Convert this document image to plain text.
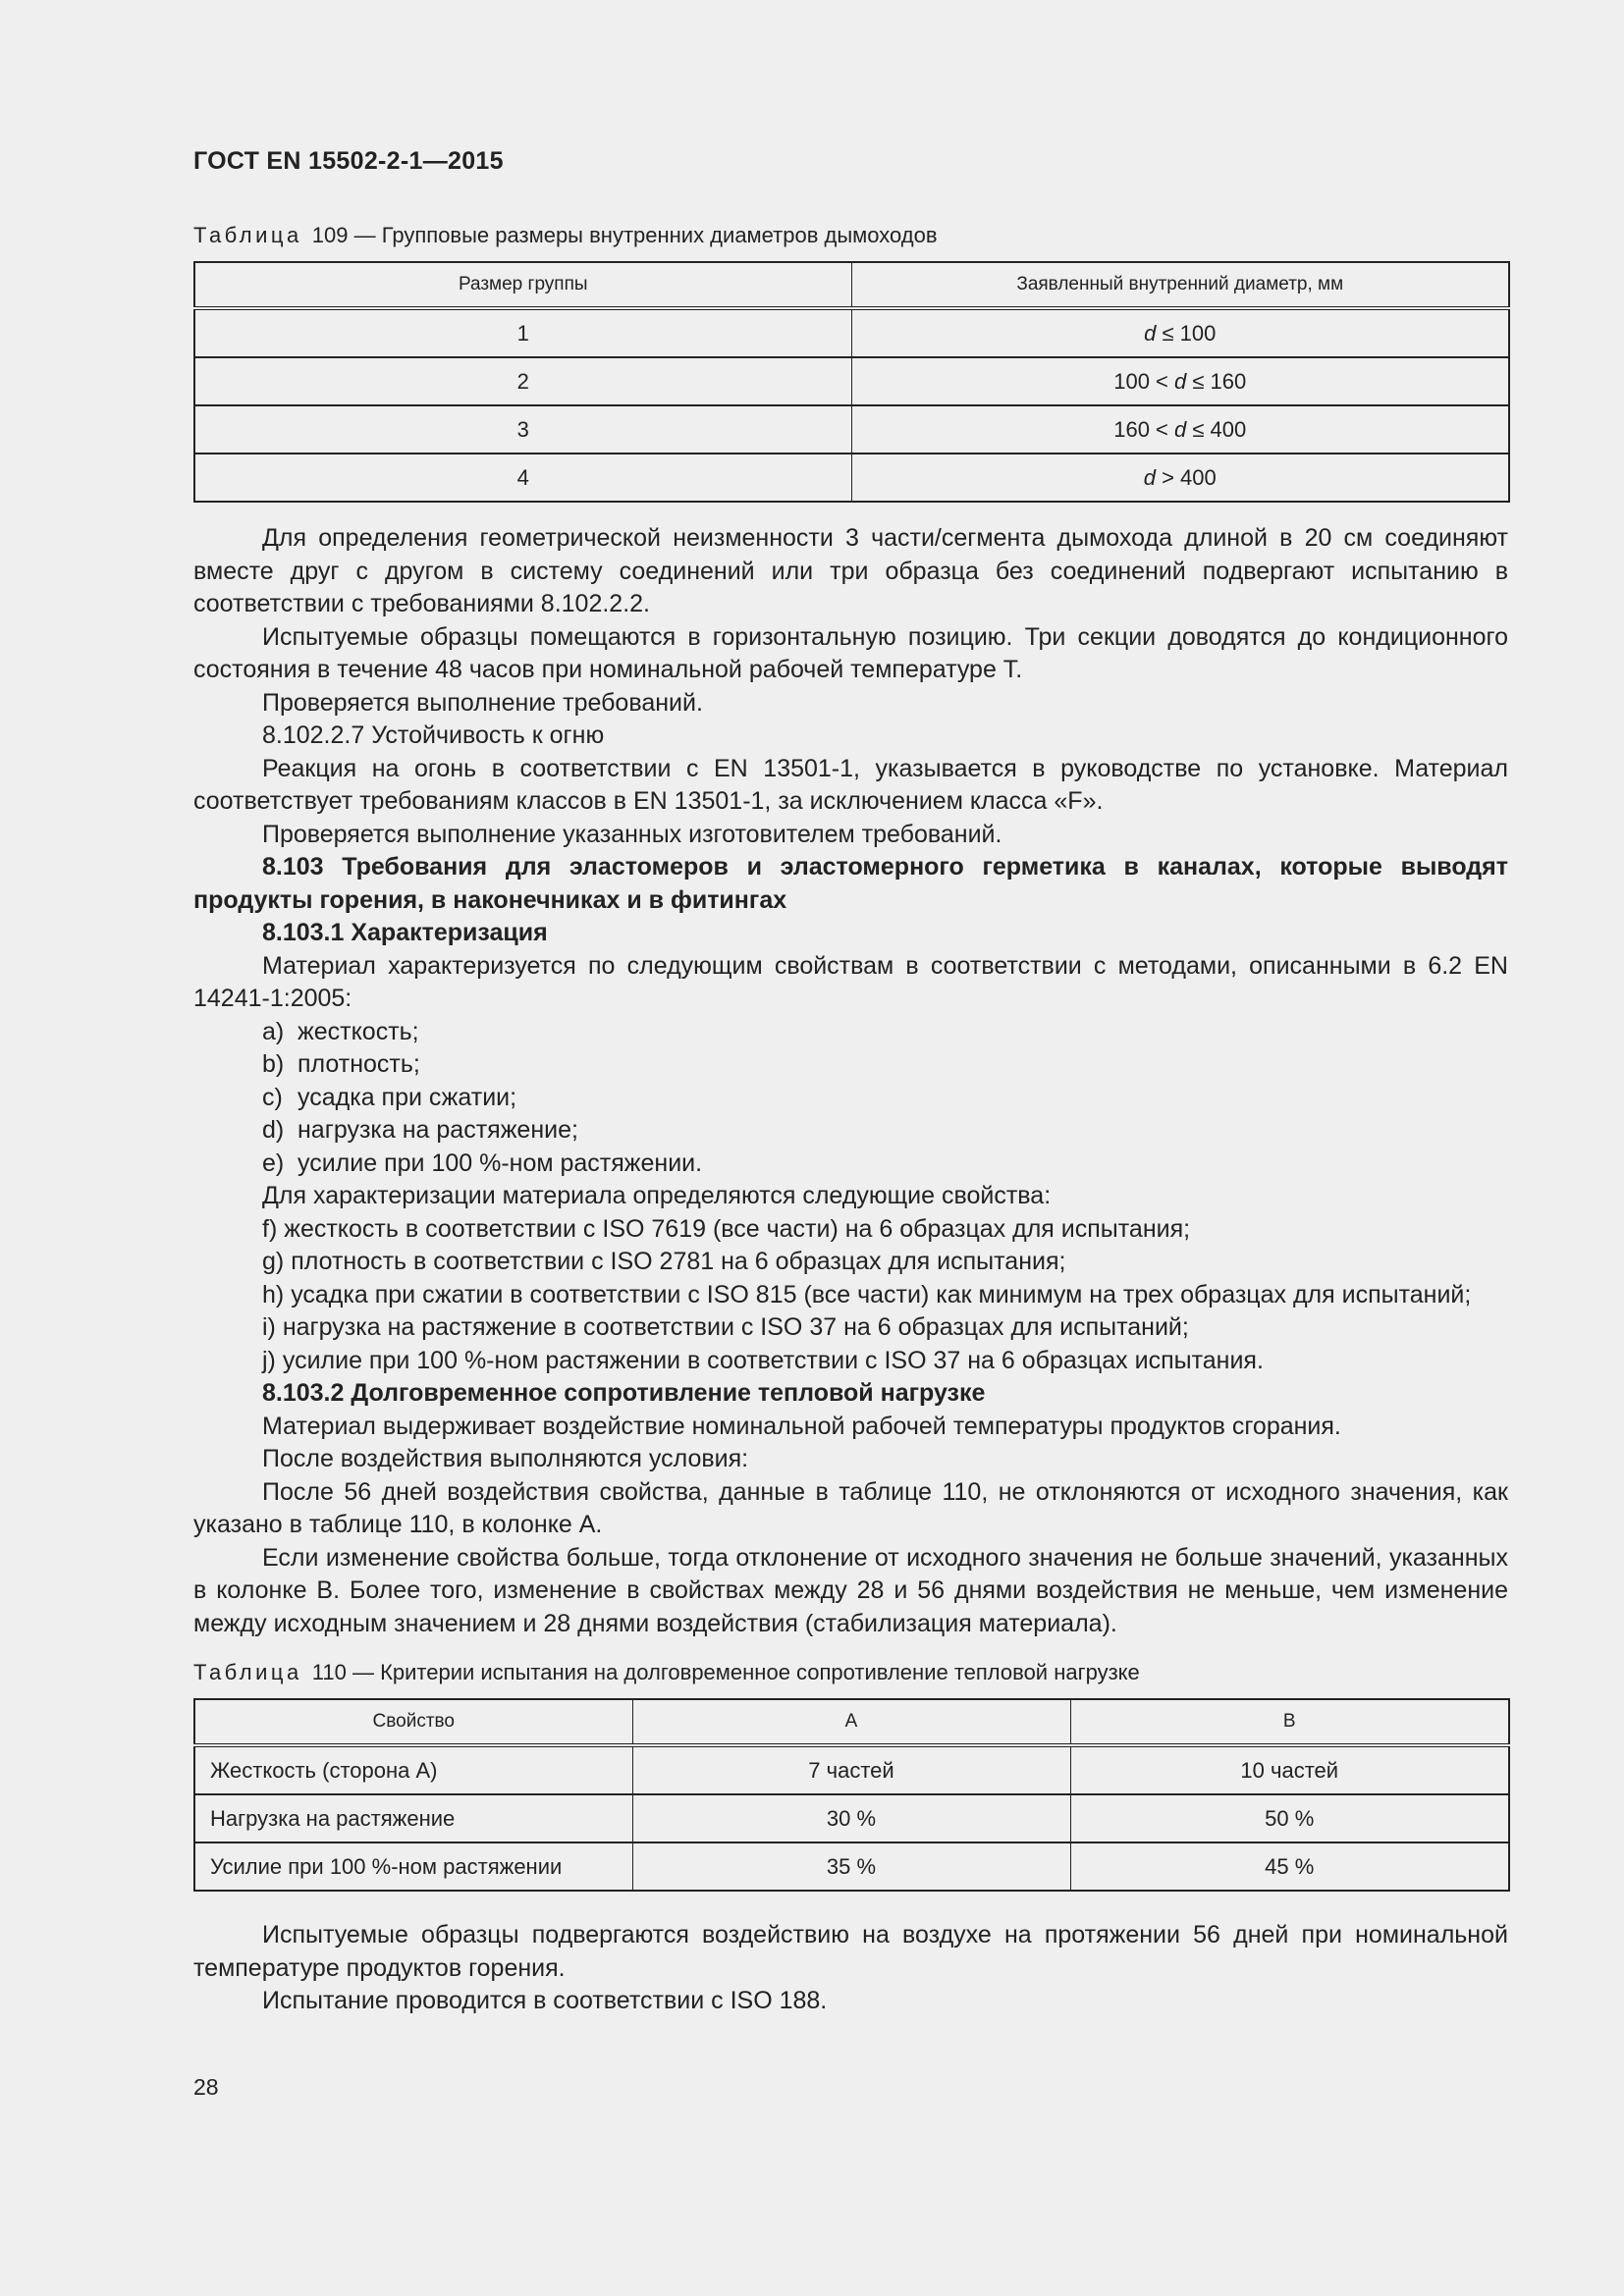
ГОСТ EN 15502-2-1—2015
Таблица 109 — Групповые размеры внутренних диаметров дымоходов
Размер группы	Заявленный внутренний диаметр, мм
1	d ≤ 100
2	100 < d ≤ 160
3	160 < d ≤ 400
4	d > 400

Для определения геометрической неизменности 3 части/сегмента дымохода длиной в 20 см соединяют вместе друг с другом в систему соединений или три образца без соединений подвергают испытанию в соответствии с требованиями 8.102.2.2.

Испытуемые образцы помещаются в горизонтальную позицию. Три секции доводятся до кондиционного состояния в течение 48 часов при номинальной рабочей температуре T.

Проверяется выполнение требований.

8.102.2.7 Устойчивость к огню

Реакция на огонь в соответствии с EN 13501-1, указывается в руководстве по установке. Материал соответствует требованиям классов в EN 13501-1, за исключением класса «F».

Проверяется выполнение указанных изготовителем требований.

8.103 Требования для эластомеров и эластомерного герметика в каналах, которые выводят продукты горения, в наконечниках и в фитингах

8.103.1 Характеризация

Материал характеризуется по следующим свойствам в соответствии с методами, описанными в 6.2 EN 14241-1:2005:

a) жесткость;

b) плотность;

c) усадка при сжатии;

d) нагрузка на растяжение;

e) усилие при 100 %-ном растяжении.

Для характеризации материала определяются следующие свойства:

f) жесткость в соответствии с ISO 7619 (все части) на 6 образцах для испытания;

g) плотность в соответствии с ISO 2781 на 6 образцах для испытания;

h) усадка при сжатии в соответствии с ISO 815 (все части) как минимум на трех образцах для испытаний;

i) нагрузка на растяжение в соответствии с ISO 37 на 6 образцах для испытаний;

j) усилие при 100 %-ном растяжении в соответствии с ISO 37 на 6 образцах испытания.

8.103.2 Долговременное сопротивление тепловой нагрузке

Материал выдерживает воздействие номинальной рабочей температуры продуктов сгорания.

После воздействия выполняются условия:

После 56 дней воздействия свойства, данные в таблице 110, не отклоняются от исходного значения, как указано в таблице 110, в колонке A.

Если изменение свойства больше, тогда отклонение от исходного значения не больше значений, указанных в колонке B. Более того, изменение в свойствах между 28 и 56 днями воздействия не меньше, чем изменение между исходным значением и 28 днями воздействия (стабилизация материала).

Таблица 110 — Критерии испытания на долговременное сопротивление тепловой нагрузке
Свойство	A	B
Жесткость (сторона A)	7 частей	10 частей
Нагрузка на растяжение	30 %	50 %
Усилие при 100 %-ном растяжении	35 %	45 %

Испытуемые образцы подвергаются воздействию на воздухе на протяжении 56 дней при номинальной температуре продуктов горения.

Испытание проводится в соответствии с ISO 188.

28
